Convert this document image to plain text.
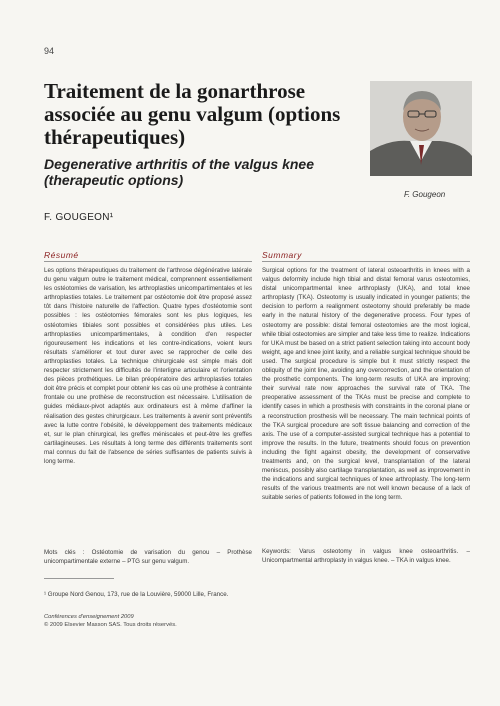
94
Traitement de la gonarthrose associée au genu valgum (options thérapeutiques)
Degenerative arthritis of the valgus knee (therapeutic options)
F. Gougeon
F. GOUGEON¹
Résumé

Les options thérapeutiques du traitement de l'arthrose dégénérative latérale du genu valgum outre le traitement médical, comprennent essentiellement les ostéotomies de varisation, les arthroplasties unicompartimentales et les arthroplasties totales. Le traitement par ostéotomie doit être proposé assez tôt dans l'histoire naturelle de l'affection. Quatre types d'ostéotomie sont possibles : les ostéotomies fémorales sont les plus logiques, les ostéotomies tibiales sont possibles et considérées plus utiles. Les arthroplasties unicompartimentales, à condition d'en respecter rigoureusement les indications et les contre-indications, voient leurs résultats s'améliorer et tout durer avec se rapprocher de celle des arthroplasties totales. La technique chirurgicale est simple mais doit respecter strictement les difficultés de l'interligne articulaire et l'orientation des pièces prothétiques. Le bilan préopératoire des arthroplasties totales doit être précis et complet pour obtenir les cas où une prothèse à contrainte frontale ou une prothèse de reconstruction est nécessaire. L'utilisation de guides médiaux-pivot adaptés aux ordinateurs est à même d'affiner la réalisation des gestes chirurgicaux. Les traitements à avenir sont préventifs avec la lutte contre l'obésité, le développement des traitements médicaux et, sur le plan chirurgical, les greffes méniscales et peut-être les greffes cartilagineuses. Les résultats à long terme des différents traitements sont mal connus du fait de l'absence de séries suffisantes de patients suivis à long terme.

Summary

Surgical options for the treatment of lateral osteoarthritis in knees with a valgus deformity include high tibial and distal femoral varus osteotomies, distal unicompartmental knee arthroplasty (UKA), and total knee arthroplasty (TKA). Osteotomy is usually indicated in younger patients; the decision to perform a realignment osteotomy should preferably be made early in the natural history of the degenerative process. Four types of osteotomy are possible: distal femoral osteotomies are the most logical, while tibial osteotomies are simpler and take less time to realize. Indications for UKA must be based on a strict patient selection taking into account body weight, age and knee joint laxity, and a reliable surgical technique should be used. The surgical procedure is simple but it must strictly respect the obliquity of the joint line, avoiding any overcorrection, and the orientation of the prosthetic components. The long-term results of UKA are improving; their survival rate now approaches the survival rate of TKA. The preoperative assessment of the TKAs must be precise and complete to identify cases in which a prosthesis with constraints in the coronal plane or a reconstruction prosthesis will be necessary. The main technical points of the TKA surgical procedure are soft tissue balancing and correction of the axis. The use of a computer-assisted surgical technique has a potential to improve the results. In the future, treatments should focus on prevention including the fight against obesity, the development of conservative treatments and, on the surgical level, transplantation of the lateral meniscus, possibly also cartilage transplantation, as well as improvement in the indications and surgical techniques of knee arthroplasty. The long-term results of the various treatments are not well known because of a lack of suitable series of patients followed in the long term.

Mots clés : Ostéotomie de varisation du genou – Prothèse unicompartimentale externe – PTG sur genu valgum.

Keywords: Varus osteotomy in valgus knee osteoarthritis. – Unicompartmental arthroplasty in valgus knee. – TKA in valgus knee.

¹ Groupe Nord Genou, 173, rue de la Louvière, 59000 Lille, France.

Conférences d'enseignement 2009
© 2009 Elsevier Masson SAS. Tous droits réservés.
